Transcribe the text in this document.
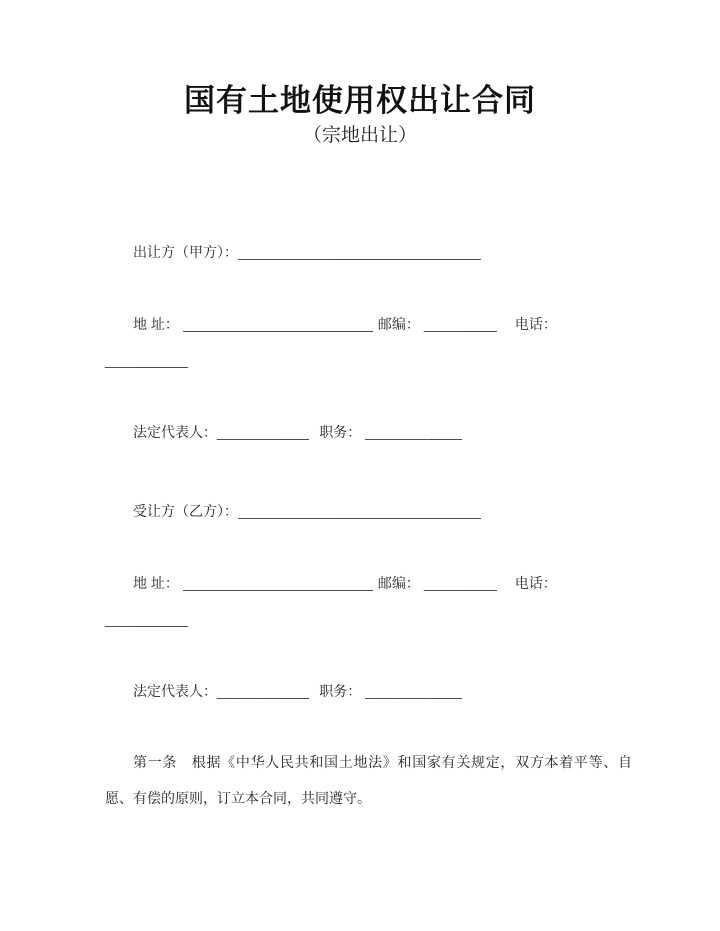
国有土地使用权出让合同
（宗地出让）
出让方（甲方）：____________
地 址：	邮编： _____	电话：
____
法定代表人：________	职务： ________
受让方（乙方）：____________
地 址：	邮编： _____	电话：
____
法定代表人：________	职务： ________
第一条　根据《中华人民共和国土地法》和国家有关规定，双方本着平等、自愿、有偿的原则，订立本合同，共同遵守。
